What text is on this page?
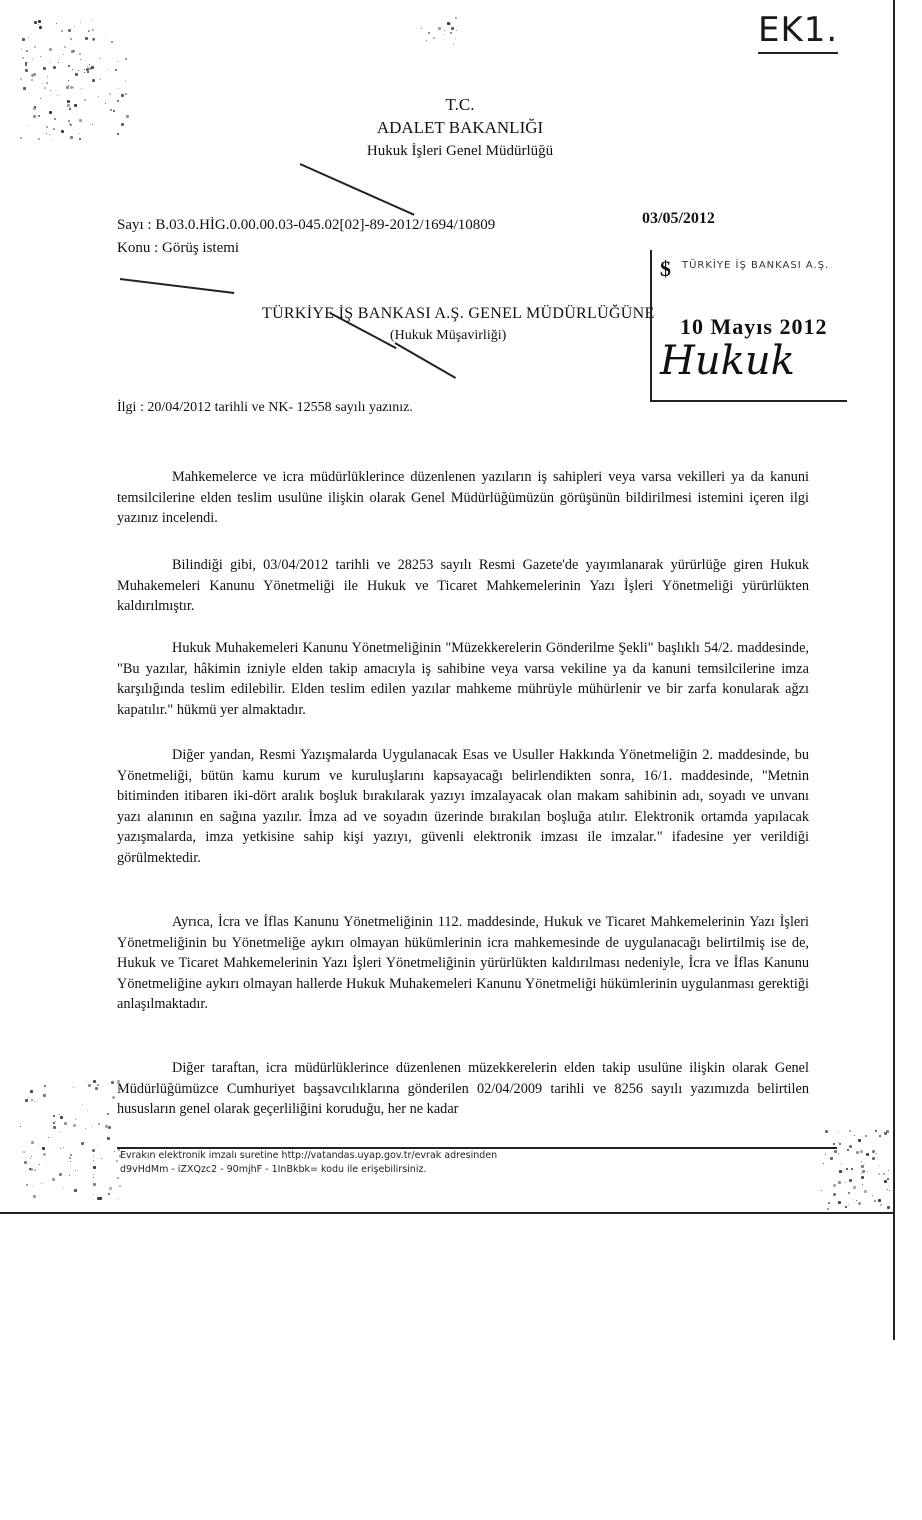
EK1.
T.C.
ADALET BAKANLIĞI
Hukuk İşleri Genel Müdürlüğü
Sayı : B.03.0.HİG.0.00.00.03-045.02[02]-89-2012/1694/10809
Konu : Görüş istemi
03/05/2012
TÜRKİYE İŞ BANKASI A.Ş. GENEL MÜDÜRLÜĞÜNE
(Hukuk Müşavirliği)
$ TÜRKİYE İŞ BANKASI A.Ş.
10 Mayıs 2012
Hukuk
İlgi : 20/04/2012 tarihli ve NK- 12558 sayılı yazınız.
Mahkemelerce ve icra müdürlüklerince düzenlenen yazıların iş sahipleri veya varsa vekilleri ya da kanuni temsilcilerine elden teslim usulüne ilişkin olarak Genel Müdürlüğümüzün görüşünün bildirilmesi istemini içeren ilgi yazınız incelendi.
Bilindiği gibi, 03/04/2012 tarihli ve 28253 sayılı Resmi Gazete'de yayımlanarak yürürlüğe giren Hukuk Muhakemeleri Kanunu Yönetmeliği ile Hukuk ve Ticaret Mahkemelerinin Yazı İşleri Yönetmeliği yürürlükten kaldırılmıştır.
Hukuk Muhakemeleri Kanunu Yönetmeliğinin "Müzekkerelerin Gönderilme Şekli" başlıklı 54/2. maddesinde, "Bu yazılar, hâkimin izniyle elden takip amacıyla iş sahibine veya varsa vekiline ya da kanuni temsilcilerine imza karşılığında teslim edilebilir. Elden teslim edilen yazılar mahkeme mührüyle mühürlenir ve bir zarfa konularak ağzı kapatılır." hükmü yer almaktadır.
Diğer yandan, Resmi Yazışmalarda Uygulanacak Esas ve Usuller Hakkında Yönetmeliğin 2. maddesinde, bu Yönetmeliği, bütün kamu kurum ve kuruluşlarını kapsayacağı belirlendikten sonra, 16/1. maddesinde, "Metnin bitiminden itibaren iki-dört aralık boşluk bırakılarak yazıyı imzalayacak olan makam sahibinin adı, soyadı ve unvanı yazı alanının en sağına yazılır. İmza ad ve soyadın üzerinde bırakılan boşluğa atılır. Elektronik ortamda yapılacak yazışmalarda, imza yetkisine sahip kişi yazıyı, güvenli elektronik imzası ile imzalar." ifadesine yer verildiği görülmektedir.
Ayrıca, İcra ve İflas Kanunu Yönetmeliğinin 112. maddesinde, Hukuk ve Ticaret Mahkemelerinin Yazı İşleri Yönetmeliğinin bu Yönetmeliğe aykırı olmayan hükümlerinin icra mahkemesinde de uygulanacağı belirtilmiş ise de, Hukuk ve Ticaret Mahkemelerinin Yazı İşleri Yönetmeliğinin yürürlükten kaldırılması nedeniyle, İcra ve İflas Kanunu Yönetmeliğine aykırı olmayan hallerde Hukuk Muhakemeleri Kanunu Yönetmeliği hükümlerinin uygulanması gerektiği anlaşılmaktadır.
Diğer taraftan, icra müdürlüklerince düzenlenen müzekkerelerin elden takip usulüne ilişkin olarak Genel Müdürlüğümüzce Cumhuriyet başsavcılıklarına gönderilen 02/04/2009 tarihli ve 8256 sayılı yazımızda belirtilen hususların genel olarak geçerliliğini koruduğu, her ne kadar
Evrakın elektronik imzalı suretine http://vatandas.uyap.gov.tr/evrak adresinden
d9vHdMm - iZXQzc2 - 90mjhF - 1InBkbk= kodu ile erişebilirsiniz.
